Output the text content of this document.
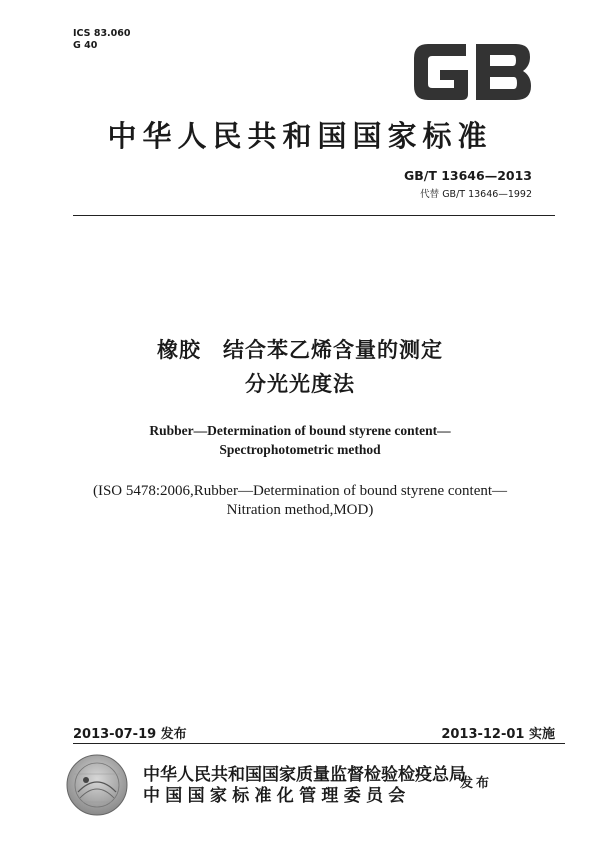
ICS 83.060
G 40
中华人民共和国国家标准
GB/T 13646—2013
代替 GB/T 13646—1992
橡胶　结合苯乙烯含量的测定
分光光度法
Rubber—Determination of bound styrene content—
Spectrophotometric method
(ISO 5478:2006,Rubber—Determination of bound styrene content—
Nitration method,MOD)
2013-07-19 发布	2013-12-01 实施
中华人民共和国国家质量监督检验检疫总局
中国国家标准化管理委员会
发布
